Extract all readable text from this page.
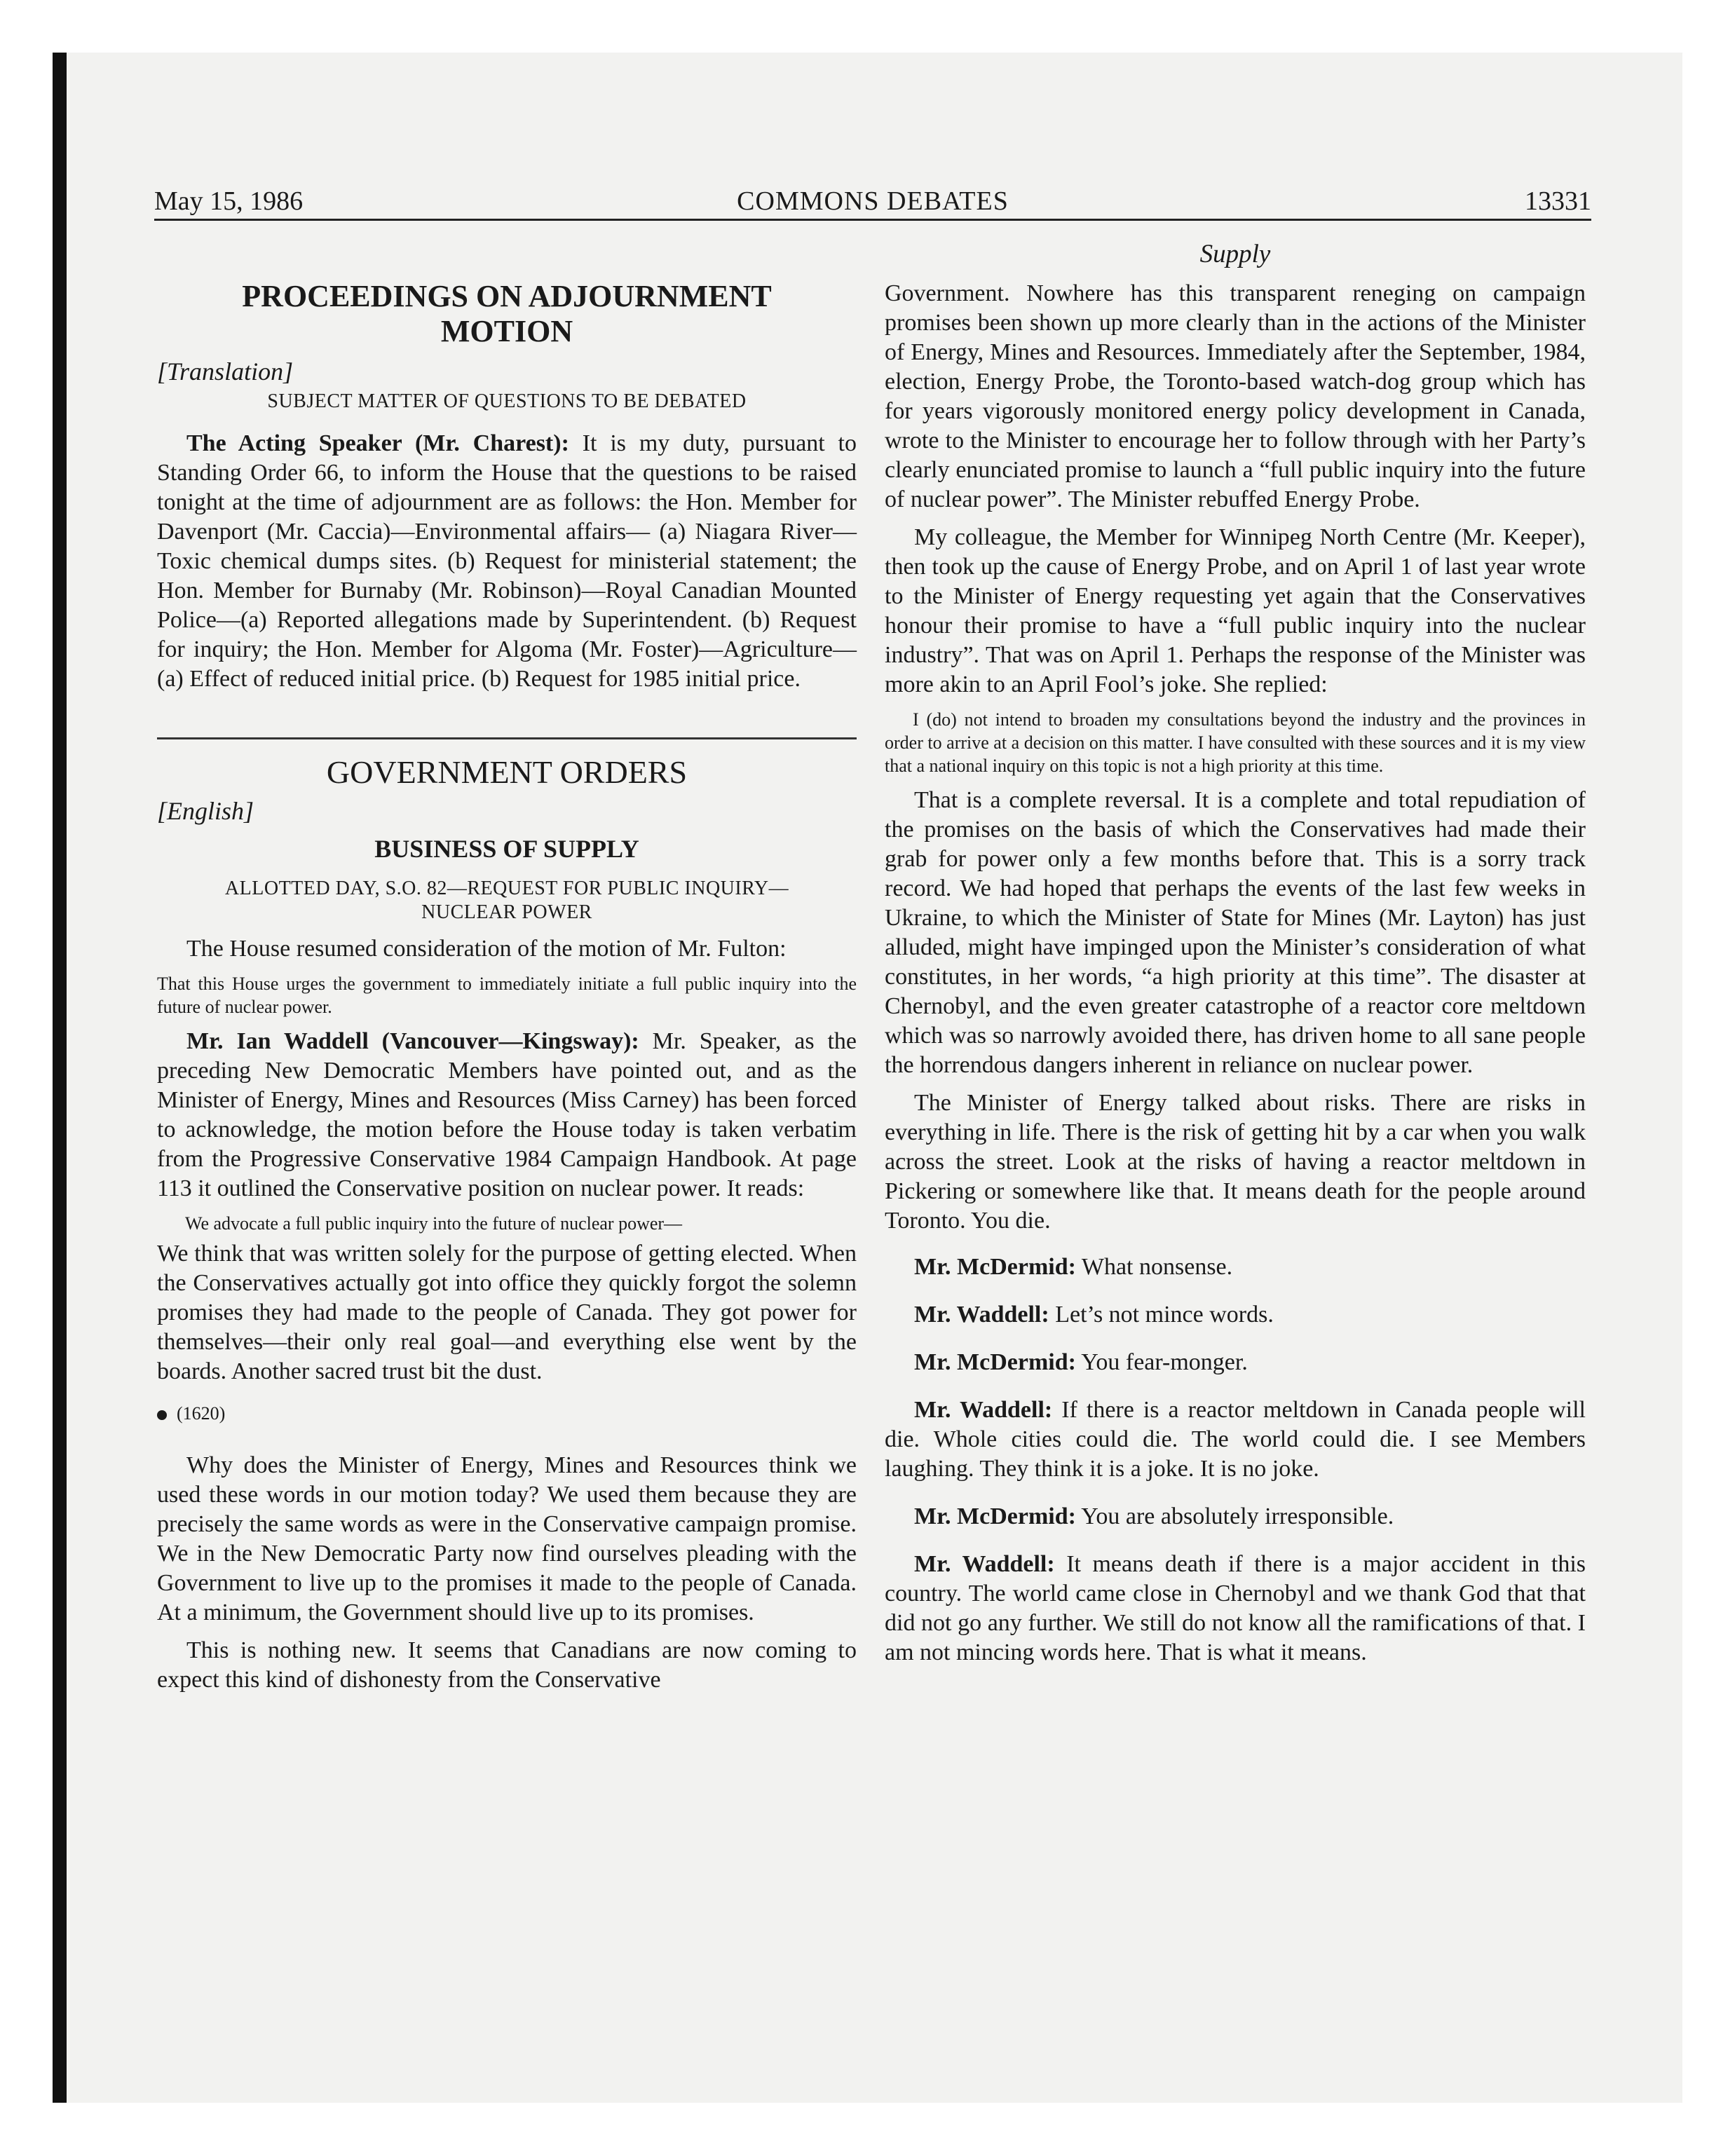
May 15, 1986	COMMONS DEBATES	13331
Supply
PROCEEDINGS ON ADJOURNMENT MOTION
[Translation]
SUBJECT MATTER OF QUESTIONS TO BE DEBATED

The Acting Speaker (Mr. Charest): It is my duty, pursuant to Standing Order 66, to inform the House that the questions to be raised tonight at the time of adjournment are as follows: the Hon. Member for Davenport (Mr. Caccia)—Environmental affairs— (a) Niagara River—Toxic chemical dumps sites. (b) Request for ministerial statement; the Hon. Member for Burnaby (Mr. Robinson)—Royal Canadian Mounted Police—(a) Reported allegations made by Superintendent. (b) Request for inquiry; the Hon. Member for Algoma (Mr. Foster)—Agriculture—(a) Effect of reduced initial price. (b) Request for 1985 initial price.

GOVERNMENT ORDERS
[English]
BUSINESS OF SUPPLY
ALLOTTED DAY, S.O. 82—REQUEST FOR PUBLIC INQUIRY—
NUCLEAR POWER

The House resumed consideration of the motion of Mr. Fulton:

That this House urges the government to immediately initiate a full public inquiry into the future of nuclear power.

Mr. Ian Waddell (Vancouver—Kingsway): Mr. Speaker, as the preceding New Democratic Members have pointed out, and as the Minister of Energy, Mines and Resources (Miss Carney) has been forced to acknowledge, the motion before the House today is taken verbatim from the Progressive Conservative 1984 Campaign Handbook. At page 113 it outlined the Conservative position on nuclear power. It reads:

We advocate a full public inquiry into the future of nuclear power—

We think that was written solely for the purpose of getting elected. When the Conservatives actually got into office they quickly forgot the solemn promises they had made to the people of Canada. They got power for themselves—their only real goal—and everything else went by the boards. Another sacred trust bit the dust.

(1620)

Why does the Minister of Energy, Mines and Resources think we used these words in our motion today? We used them because they are precisely the same words as were in the Conservative campaign promise. We in the New Democratic Party now find ourselves pleading with the Government to live up to the promises it made to the people of Canada. At a minimum, the Government should live up to its promises.

This is nothing new. It seems that Canadians are now coming to expect this kind of dishonesty from the Conservative

Government. Nowhere has this transparent reneging on campaign promises been shown up more clearly than in the actions of the Minister of Energy, Mines and Resources. Immediately after the September, 1984, election, Energy Probe, the Toronto-based watch-dog group which has for years vigorously monitored energy policy development in Canada, wrote to the Minister to encourage her to follow through with her Party’s clearly enunciated promise to launch a “full public inquiry into the future of nuclear power”. The Minister rebuffed Energy Probe.

My colleague, the Member for Winnipeg North Centre (Mr. Keeper), then took up the cause of Energy Probe, and on April 1 of last year wrote to the Minister of Energy requesting yet again that the Conservatives honour their promise to have a “full public inquiry into the nuclear industry”. That was on April 1. Perhaps the response of the Minister was more akin to an April Fool’s joke. She replied:

I (do) not intend to broaden my consultations beyond the industry and the provinces in order to arrive at a decision on this matter. I have consulted with these sources and it is my view that a national inquiry on this topic is not a high priority at this time.

That is a complete reversal. It is a complete and total repudiation of the promises on the basis of which the Conservatives had made their grab for power only a few months before that. This is a sorry track record. We had hoped that perhaps the events of the last few weeks in Ukraine, to which the Minister of State for Mines (Mr. Layton) has just alluded, might have impinged upon the Minister’s consideration of what constitutes, in her words, “a high priority at this time”. The disaster at Chernobyl, and the even greater catastrophe of a reactor core meltdown which was so narrowly avoided there, has driven home to all sane people the horrendous dangers inherent in reliance on nuclear power.

The Minister of Energy talked about risks. There are risks in everything in life. There is the risk of getting hit by a car when you walk across the street. Look at the risks of having a reactor meltdown in Pickering or somewhere like that. It means death for the people around Toronto. You die.

Mr. McDermid: What nonsense.

Mr. Waddell: Let’s not mince words.

Mr. McDermid: You fear-monger.

Mr. Waddell: If there is a reactor meltdown in Canada people will die. Whole cities could die. The world could die. I see Members laughing. They think it is a joke. It is no joke.

Mr. McDermid: You are absolutely irresponsible.

Mr. Waddell: It means death if there is a major accident in this country. The world came close in Chernobyl and we thank God that that did not go any further. We still do not know all the ramifications of that. I am not mincing words here. That is what it means.
